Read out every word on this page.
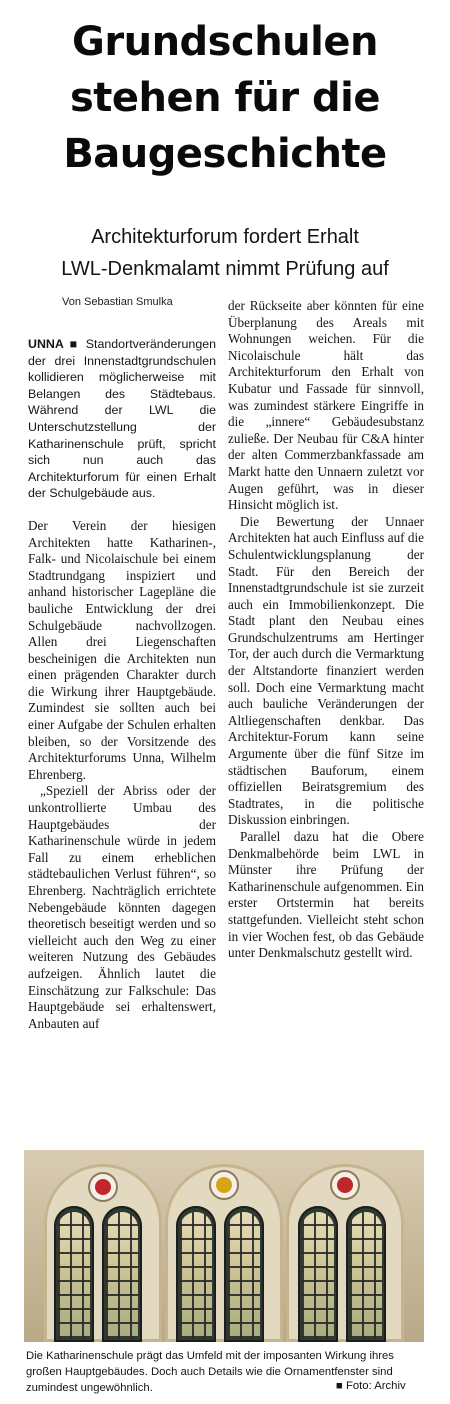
Grundschulen
stehen für die
Baugeschichte
Architekturforum fordert Erhalt
LWL-Denkmalamt nimmt Prüfung auf
Von Sebastian Smulka

UNNA ■ Standortveränderungen der drei Innenstadtgrundschulen kollidieren möglicherweise mit Belangen des Städtebaus. Während der LWL die Unterschutzstellung der Katharinenschule prüft, spricht sich nun auch das Architekturforum für einen Erhalt der Schulgebäude aus.

Der Verein der hiesigen Architekten hatte Katharinen-, Falk- und Nicolaischule bei einem Stadtrundgang inspiziert und anhand historischer Lagepläne die bauliche Entwicklung der drei Schulgebäude nachvollzogen. Allen drei Liegenschaften bescheinigen die Architekten nun einen prägenden Charakter durch die Wirkung ihrer Hauptgebäude. Zumindest sie sollten auch bei einer Aufgabe der Schulen erhalten bleiben, so der Vorsitzende des Architekturforums Unna, Wilhelm Ehrenberg.

„Speziell der Abriss oder der unkontrollierte Umbau des Hauptgebäudes der Katharinenschule würde in jedem Fall zu einem erheblichen städtebaulichen Verlust führen“, so Ehrenberg. Nachträglich errichtete Nebengebäude könnten dagegen theoretisch beseitigt werden und so vielleicht auch den Weg zu einer weiteren Nutzung des Gebäudes aufzeigen. Ähnlich lautet die Einschätzung zur Falkschule: Das Hauptgebäude sei erhaltenswert, Anbauten auf

der Rückseite aber könnten für eine Überplanung des Areals mit Wohnungen weichen. Für die Nicolaischule hält das Architekturforum den Erhalt von Kubatur und Fassade für sinnvoll, was zumindest stärkere Eingriffe in die „innere“ Gebäudesubstanz zuließe. Der Neubau für C&A hinter der alten Commerzbankfassade am Markt hatte den Unnaern zuletzt vor Augen geführt, was in dieser Hinsicht möglich ist.

Die Bewertung der Unnaer Architekten hat auch Einfluss auf die Schulentwicklungsplanung der Stadt. Für den Bereich der Innenstadtgrundschule ist sie zurzeit auch ein Immobilienkonzept. Die Stadt plant den Neubau eines Grundschulzentrums am Hertinger Tor, der auch durch die Vermarktung der Altstandorte finanziert werden soll. Doch eine Vermarktung macht auch bauliche Veränderungen der Altliegenschaften denkbar. Das Architektur-Forum kann seine Argumente über die fünf Sitze im städtischen Bauforum, einem offiziellen Beiratsgremium des Stadtrates, in die politische Diskussion einbringen.

Parallel dazu hat die Obere Denkmalbehörde beim LWL in Münster ihre Prüfung der Katharinenschule aufgenommen. Ein erster Ortstermin hat bereits stattgefunden. Vielleicht steht schon in vier Wochen fest, ob das Gebäude unter Denkmalschutz gestellt wird.

Die Katharinenschule prägt das Umfeld mit der imposanten Wirkung ihres großen Hauptgebäudes. Doch auch Details wie die Ornamentfenster sind zumindest ungewöhnlich.	■ Foto: Archiv
